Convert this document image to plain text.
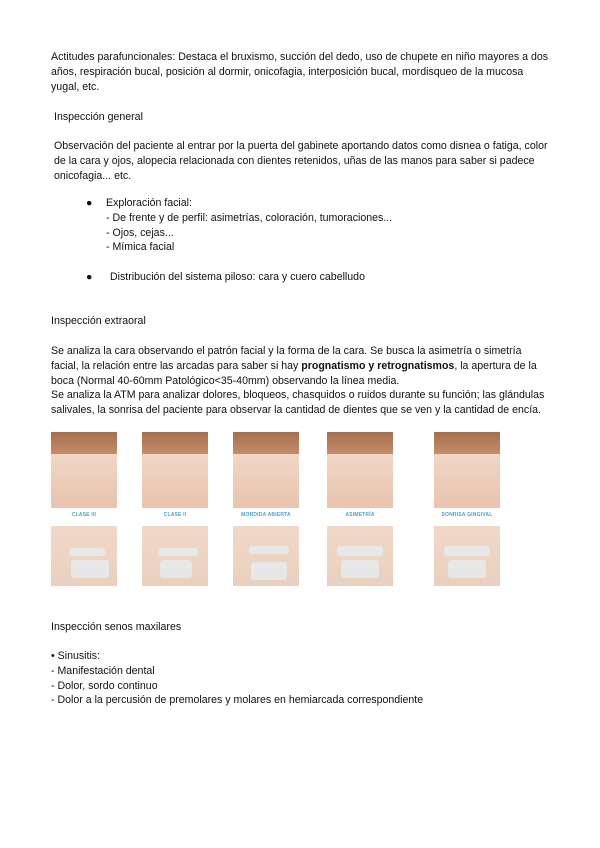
Actitudes parafuncionales: Destaca el bruxismo, succión del dedo, uso de chupete en niño mayores a dos años, respiración bucal, posición al dormir, onicofagia, interposición bucal, mordisqueo de la mucosa yugal, etc.

Inspección general

Observación del paciente al entrar por la puerta del gabinete aportando datos como disnea o fatiga, color de la cara y ojos, alopecia relacionada con dientes retenidos, uñas de las manos para saber si padece onicofagia... etc.

● Exploración facial:
- De frente y de perfil: asimetrías, coloración, tumoraciones...
- Ojos, cejas...
- Mímica facial
●	Distribución del sistema piloso: cara y cuero cabelludo

Inspección extraoral

Se analiza la cara observando el patrón facial y la forma de la cara. Se busca la asimetría o simetría facial, la relación entre las arcadas para saber si hay prognatismo y retrognatismos, la apertura de la boca (Normal 40-60mm Patológico<35-40mm) observando la línea media.

Se analiza la ATM para analizar dolores, bloqueos, chasquidos o ruidos durante su función; las glándulas salivales, la sonrisa del paciente para observar la cantidad de dientes que se ven y la cantidad de encía.

CLASE III	CLASE II	MORDIDA ABIERTA	ASIMETRÍA	SONRISA GINGIVAL

Inspección senos maxilares

• Sinusitis:
- Manifestación dental
- Dolor, sordo continuo
- Dolor a la percusión de premolares y molares en hemiarcada correspondiente
